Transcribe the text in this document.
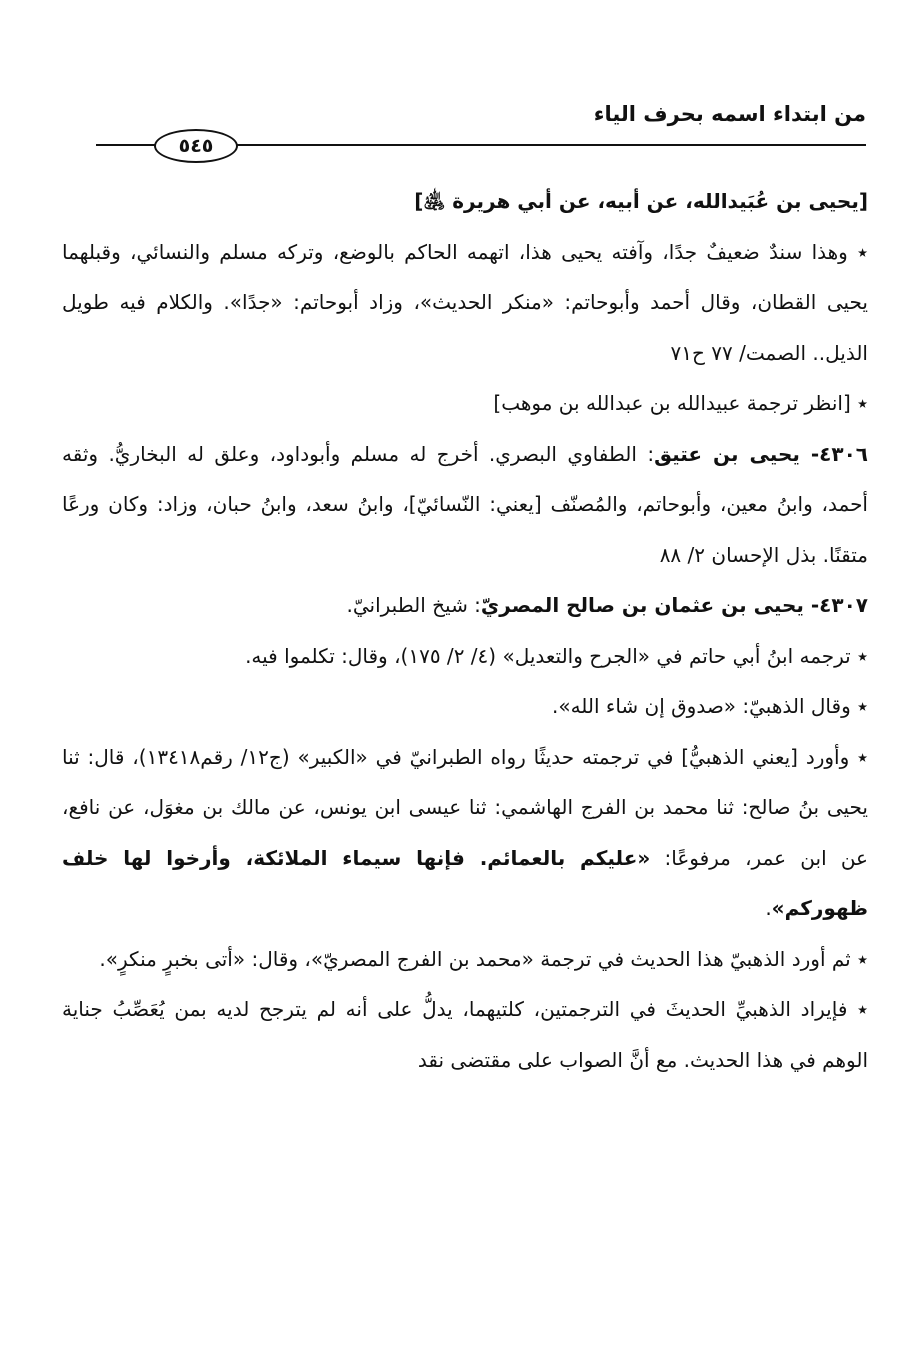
من ابتداء اسمه بحرف الياء
٥٤٥

[يحيى بن عُبَيدالله، عن أبيه، عن أبي هريرة ﵁]

٭ وهذا سندٌ ضعيفٌ جدًا، وآفته يحيى هذا، اتهمه الحاكم بالوضع، وتركه مسلم والنسائي، وقبلهما يحيى القطان، وقال أحمد وأبوحاتم: «منكر الحديث»، وزاد أبوحاتم: «جدًا». والكلام فيه طويل الذيل.. الصمت/ ٧٧ ح٧١

٭ [انظر ترجمة عبيدالله بن عبدالله بن موهب]

٤٣٠٦- يحيى بن عتيق: الطفاوي البصري. أخرج له مسلم وأبوداود، وعلق له البخاريُّ. وثقه أحمد، وابنُ معين، وأبوحاتم، والمُصنّف [يعني: النّسائيّ]، وابنُ سعد، وابنُ حبان، وزاد: وكان ورعًا متقنًا. بذل الإحسان ٢/ ٨٨

٤٣٠٧- يحيى بن عثمان بن صالح المصريّ: شيخ الطبرانيّ.

٭ ترجمه ابنُ أبي حاتم في «الجرح والتعديل» (٤/ ٢/ ١٧٥)، وقال: تكلموا فيه.

٭ وقال الذهبيّ: «صدوق إن شاء الله».

٭ وأورد [يعني الذهبيُّ] في ترجمته حديثًا رواه الطبرانيّ في «الكبير» (ج١٢/ رقم١٣٤١٨)، قال: ثنا يحيى بنُ صالح: ثنا محمد بن الفرج الهاشمي: ثنا عيسى ابن يونس، عن مالك بن مغوَل، عن نافع، عن ابن عمر، مرفوعًا: «عليكم بالعمائم. فإنها سيماء الملائكة، وأرخوا لها خلف ظهوركم».

٭ ثم أورد الذهبيّ هذا الحديث في ترجمة «محمد بن الفرج المصريّ»، وقال: «أتى بخبرٍ منكرٍ».

٭ فإيراد الذهبيِّ الحديثَ في الترجمتين، كلتيهما، يدلُّ على أنه لم يترجح لديه بمن يُعَصِّبُ جناية الوهم في هذا الحديث. مع أنَّ الصواب على مقتضى نقد
